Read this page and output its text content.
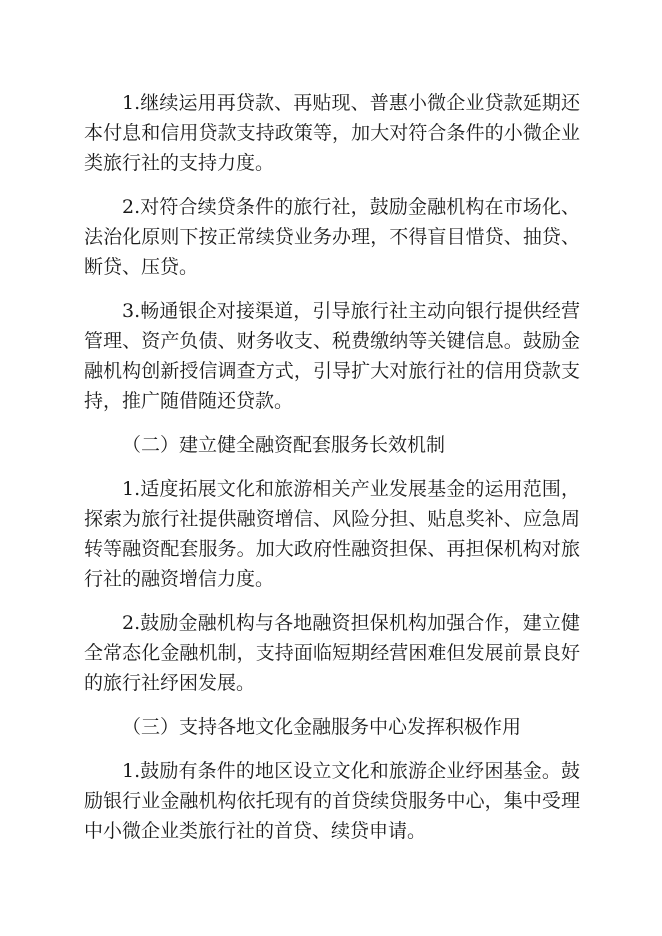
1.继续运用再贷款、再贴现、普惠小微企业贷款延期还本付息和信用贷款支持政策等，加大对符合条件的小微企业类旅行社的支持力度。

2.对符合续贷条件的旅行社，鼓励金融机构在市场化、法治化原则下按正常续贷业务办理，不得盲目惜贷、抽贷、断贷、压贷。

3.畅通银企对接渠道，引导旅行社主动向银行提供经营管理、资产负债、财务收支、税费缴纳等关键信息。鼓励金融机构创新授信调查方式，引导扩大对旅行社的信用贷款支持，推广随借随还贷款。

（二）建立健全融资配套服务长效机制

1.适度拓展文化和旅游相关产业发展基金的运用范围，探索为旅行社提供融资增信、风险分担、贴息奖补、应急周转等融资配套服务。加大政府性融资担保、再担保机构对旅行社的融资增信力度。

2.鼓励金融机构与各地融资担保机构加强合作，建立健全常态化金融机制，支持面临短期经营困难但发展前景良好的旅行社纾困发展。

（三）支持各地文化金融服务中心发挥积极作用

1.鼓励有条件的地区设立文化和旅游企业纾困基金。鼓励银行业金融机构依托现有的首贷续贷服务中心，集中受理中小微企业类旅行社的首贷、续贷申请。
